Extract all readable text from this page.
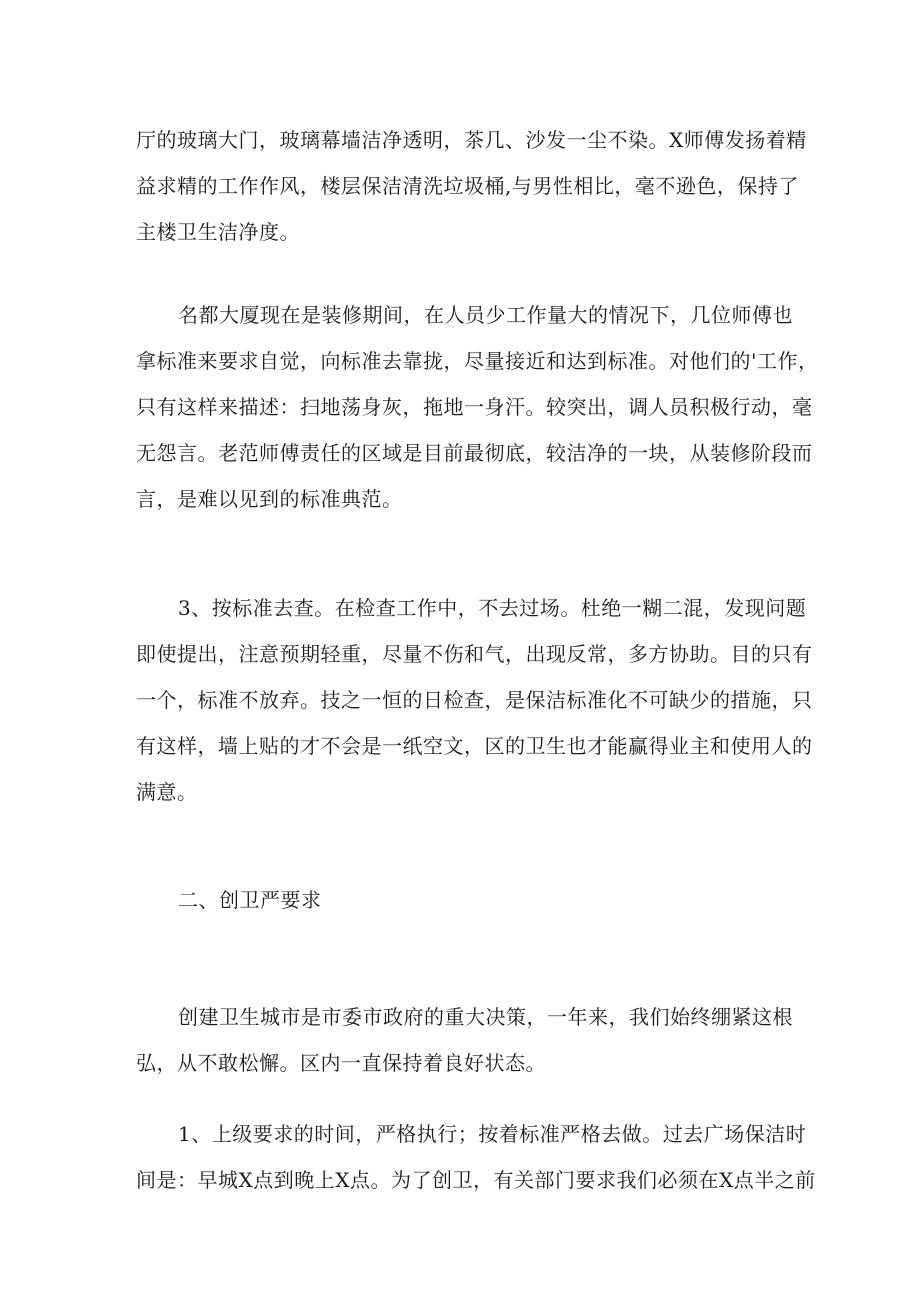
厅的玻璃大门，玻璃幕墙洁净透明，茶几、沙发一尘不染。X师傅发扬着精
益求精的工作作风，楼层保洁清洗垃圾桶,与男性相比，毫不逊色，保持了
主楼卫生洁净度。

名都大厦现在是装修期间，在人员少工作量大的情况下，几位师傅也
拿标准来要求自觉，向标准去靠拢，尽量接近和达到标准。对他们的'工作，
只有这样来描述：扫地荡身灰，拖地一身汗。较突出，调人员积极行动，毫
无怨言。老范师傅责任的区域是目前最彻底，较洁净的一块，从装修阶段而
言，是难以见到的标准典范。

3、按标准去查。在检查工作中，不去过场。杜绝一糊二混，发现问题
即使提出，注意预期轻重，尽量不伤和气，出现反常，多方协助。目的只有
一个，标准不放弃。技之一恒的日检查，是保洁标准化不可缺少的措施，只
有这样，墙上贴的才不会是一纸空文，区的卫生也才能赢得业主和使用人的
满意。

二、创卫严要求

创建卫生城市是市委市政府的重大决策，一年来，我们始终绷紧这根
弘，从不敢松懈。区内一直保持着良好状态。

1、上级要求的时间，严格执行；按着标准严格去做。过去广场保洁时
间是：早城X点到晚上X点。为了创卫，有关部门要求我们必须在X点半之前
